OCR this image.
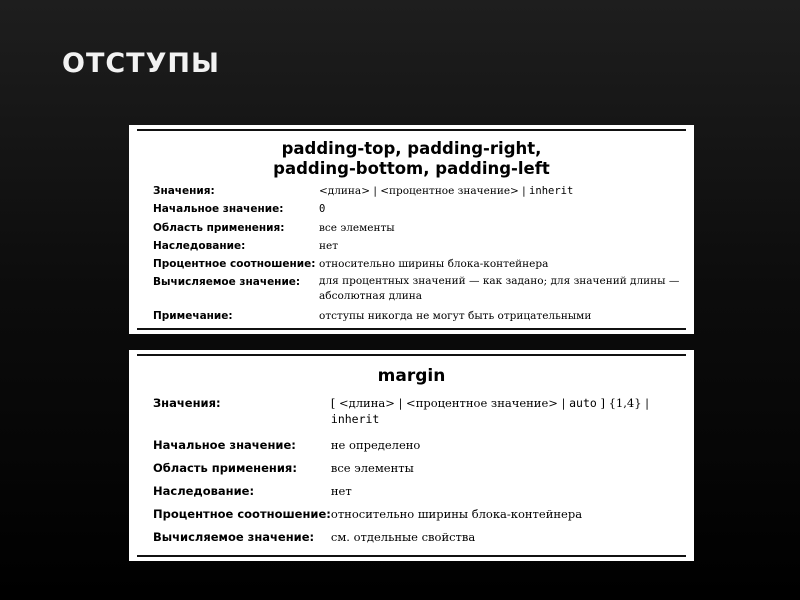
ОТСТУПЫ
padding-top, padding-right,
padding-bottom, padding-left
Значения:	<длина> | <процентное значение> | inherit
Начальное значение:	0
Область применения:	все элементы
Наследование:	нет
Процентное соотношение:	относительно ширины блока-контейнера
Вычисляемое значение:	для процентных значений — как задано; для значений длины — абсолютная длина
Примечание:	отступы никогда не могут быть отрицательными
margin
Значения:	[ <длина> | <процентное значение> | auto ] {1,4} | inherit
Начальное значение:	не определено
Область применения:	все элементы
Наследование:	нет
Процентное соотношение:	относительно ширины блока-контейнера
Вычисляемое значение:	см. отдельные свойства
